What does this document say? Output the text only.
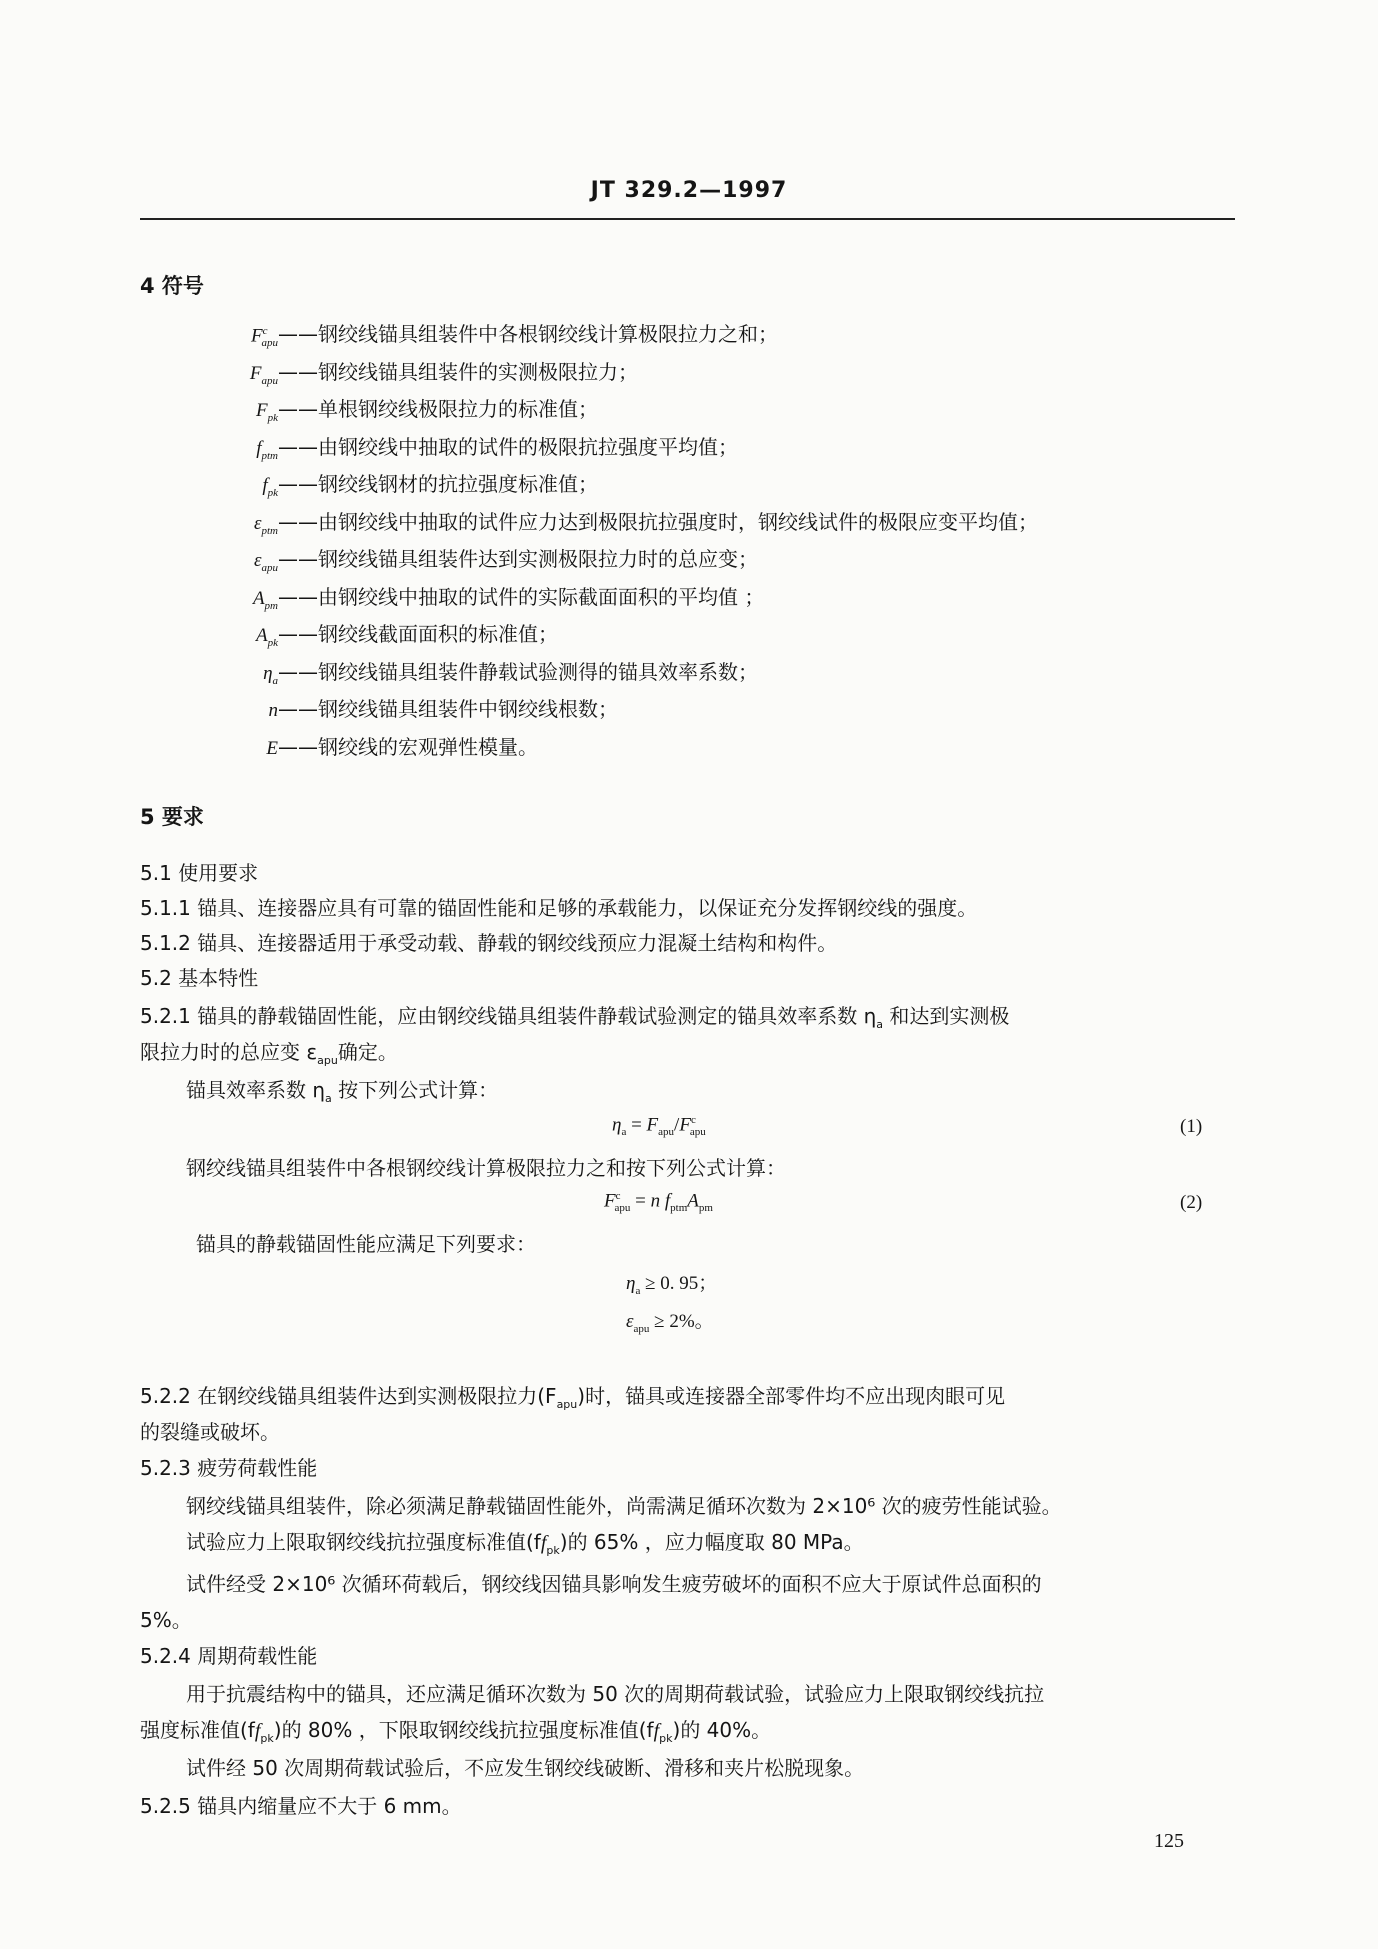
JT 329.2—1997
4 符号
$F^c_{apu}——$钢绞线锚具组装件中各根钢绞线计算极限拉力之和；
$F_{apu}——$钢绞线锚具组装件的实测极限拉力；
$F_{pk}——$单根钢绞线极限拉力的标准值；
$f_{ptm}——$由钢绞线中抽取的试件的极限抗拉强度平均值；
$f_{pk}——$钢绞线钢材的抗拉强度标准值；
$\varepsilon_{ptm}——$由钢绞线中抽取的试件应力达到极限抗拉强度时，钢绞线试件的极限应变平均值；
$\varepsilon_{apu}——$钢绞线锚具组装件达到实测极限拉力时的总应变；
$A_{pm}——$由钢绞线中抽取的试件的实际截面面积的平均值 ；
$A_{pk}——$钢绞线截面面积的标准值；
$\eta_a——$钢绞线锚具组装件静载试验测得的锚具效率系数；
n——钢绞线锚具组装件中钢绞线根数；
E——钢绞线的宏观弹性模量。
5 要求
5.1 使用要求
5.1.1 锚具、连接器应具有可靠的锚固性能和足够的承载能力，以保证充分发挥钢绞线的强度。
5.1.2 锚具、连接器适用于承受动载、静载的钢绞线预应力混凝土结构和构件。
5.2 基本特性
5.2.1 锚具的静载锚固性能，应由钢绞线锚具组装件静载试验测定的锚具效率系数 $\eta_a$ 和达到实测极
限拉力时的总应变 $\varepsilon_{apu}$确定。
锚具效率系数 $\eta_a$ 按下列公式计算：
$\eta_a = F_{apu}/F^c_{apu}$	(1)
钢绞线锚具组装件中各根钢绞线计算极限拉力之和按下列公式计算：
$F^c_{apu} = n$ $f_{ptm}A_{pm}$	(2)
锚具的静载锚固性能应满足下列要求：
$\eta_a \ge 0$. 95；
$\varepsilon_{apu} \ge 2\%$。
5.2.2 在钢绞线锚具组装件达到实测极限拉力$(F_{apu})$时，锚具或连接器全部零件均不应出现肉眼可见
的裂缝或破坏。
5.2.3 疲劳荷载性能
钢绞线锚具组装件，除必须满足静载锚固性能外，尚需满足循环次数为 2×10⁶ 次的疲劳性能试验。
试验应力上限取钢绞线抗拉强度标准值$(ff_{pk})$的 65% ，应力幅度取 80 MPa。
试件经受 2×10⁶ 次循环荷载后，钢绞线因锚具影响发生疲劳破坏的面积不应大于原试件总面积的
5%。
5.2.4 周期荷载性能
用于抗震结构中的锚具，还应满足循环次数为 50 次的周期荷载试验，试验应力上限取钢绞线抗拉
强度标准值$(ff_{pk})$的 80% ，下限取钢绞线抗拉强度标准值$(ff_{pk})$的 40%。
试件经 50 次周期荷载试验后，不应发生钢绞线破断、滑移和夹片松脱现象。
5.2.5 锚具内缩量应不大于 6 mm。
125
